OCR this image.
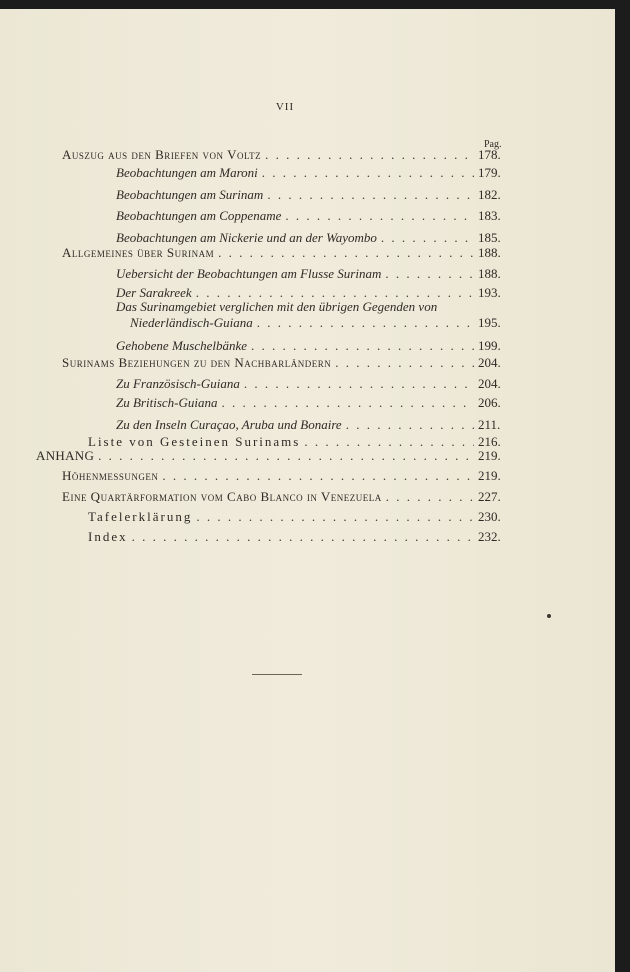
VII
Pag.
Auszug aus den Briefen von Voltz . . .	178.
Beobachtungen am Maroni . . .	179.
Beobachtungen am Surinam . . .	182.
Beobachtungen am Coppename . . .	183.
Beobachtungen am Nickerie und an der Wayombo . . .	185.
Allgemeines über Surinam . . .	188.
Uebersicht der Beobachtungen am Flusse Surinam . . .	188.
Der Sarakreek . . .	193.
Das Surinamgebiet verglichen mit den übrigen Gegenden von
Niederländisch-Guiana . . .	195.
Gehobene Muschelbänke . . .	199.
Surinams Beziehungen zu den Nachbarländern . . .	204.
Zu Französisch-Guiana . . .	204.
Zu Britisch-Guiana . . .	206.
Zu den Inseln Curaçao, Aruba und Bonaire . . .	211.
Liste von Gesteinen Surinams . . .	216.
ANHANG . . .	219.
Höhenmessungen . . .	219.
Eine Quartärformation vom Cabo Blanco in Venezuela . . .	227.
Tafelerklärung . . .	230.
Index . . .	232.
